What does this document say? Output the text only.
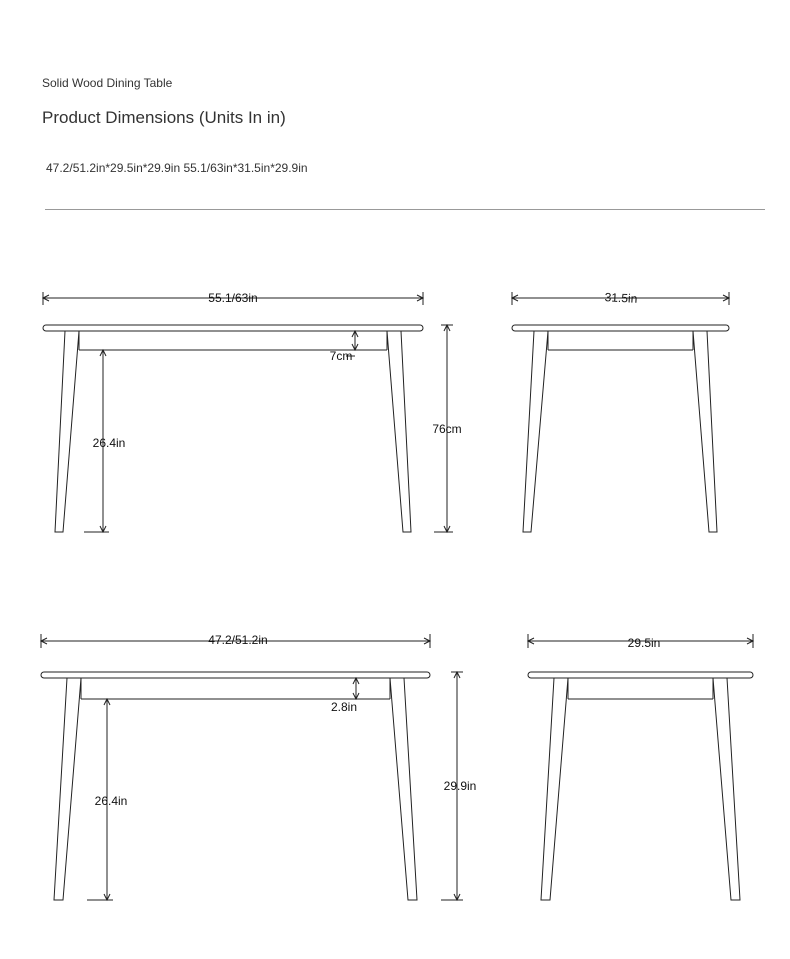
Solid Wood Dining Table

Product Dimensions (Units In in)

47.2/51.2in*29.5in*29.9in 55.1/63in*31.5in*29.9in

55.1/63in
7cm
26.4in
76cm
31.5in
47.2/51.2in
2.8in
26.4in
29.9in
29.5in
